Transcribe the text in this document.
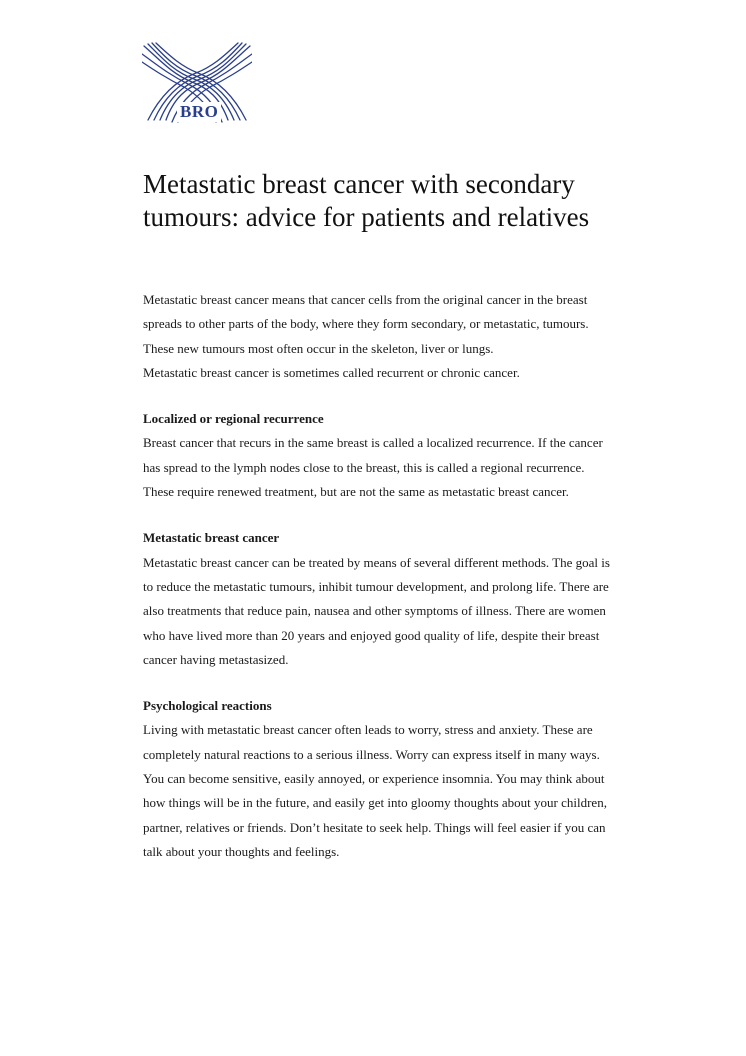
BRO
Metastatic breast cancer with secondary tumours: advice for patients and relatives

Metastatic breast cancer means that cancer cells from the original cancer in the breast spreads to other parts of the body, where they form secondary, or metastatic, tumours. These new tumours most often occur in the skeleton, liver or lungs.

Metastatic breast cancer is sometimes called recurrent or chronic cancer.

Localized or regional recurrence

Breast cancer that recurs in the same breast is called a localized recurrence. If the cancer has spread to the lymph nodes close to the breast, this is called a regional recurrence. These require renewed treatment, but are not the same as metastatic breast cancer.

Metastatic breast cancer

Metastatic breast cancer can be treated by means of several different methods. The goal is to reduce the metastatic tumours, inhibit tumour development, and prolong life. There are also treatments that reduce pain, nausea and other symptoms of illness. There are women who have lived more than 20 years and enjoyed good quality of life, despite their breast cancer having metastasized.

Psychological reactions

Living with metastatic breast cancer often leads to worry, stress and anxiety. These are completely natural reactions to a serious illness. Worry can express itself in many ways. You can become sensitive, easily annoyed, or experience insomnia. You may think about how things will be in the future, and easily get into gloomy thoughts about your children, partner, relatives or friends. Don’t hesitate to seek help. Things will feel easier if you can talk about your thoughts and feelings.
